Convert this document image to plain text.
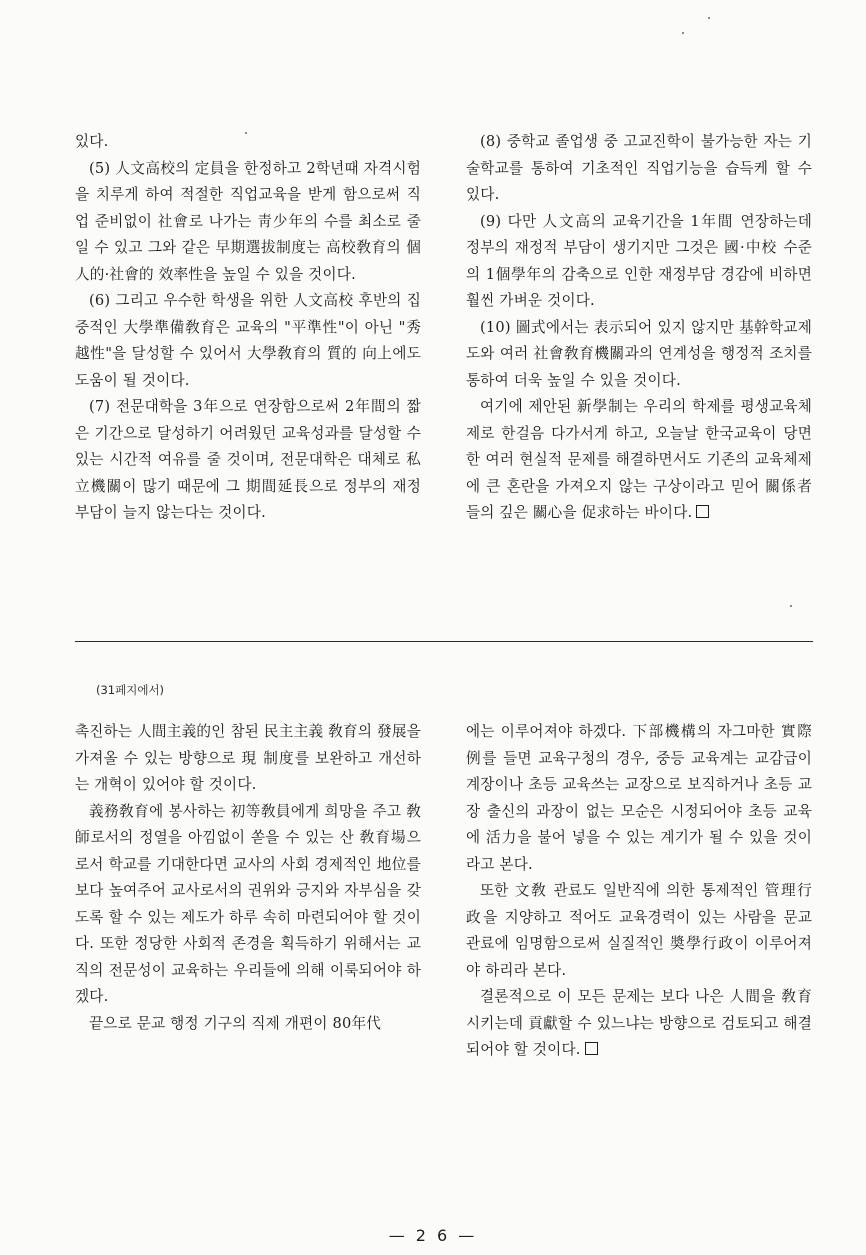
있다.

(5) 人文高校의 定員을 한정하고 2학년때 자격시험을 치루게 하여 적절한 직업교육을 받게 함으로써 직업 준비없이 社會로 나가는 靑少年의 수를 최소로 줄일 수 있고 그와 같은 早期選拔制度는 高校敎育의 個人的·社會的 效率性을 높일 수 있을 것이다.

(6) 그리고 우수한 학생을 위한 人文高校 후반의 집중적인 大學準備敎育은 교육의 "平準性"이 아닌 "秀越性"을 달성할 수 있어서 大學敎育의 質的 向上에도 도움이 될 것이다.

(7) 전문대학을 3年으로 연장함으로써 2年間의 짧은 기간으로 달성하기 어려웠던 교육성과를 달성할 수 있는 시간적 여유를 줄 것이며, 전문대학은 대체로 私立機關이 많기 때문에 그 期間延長으로 정부의 재정부담이 늘지 않는다는 것이다.

(8) 중학교 졸업생 중 고교진학이 불가능한 자는 기술학교를 통하여 기초적인 직업기능을 습득케 할 수 있다.

(9) 다만 人文高의 교육기간을 1年間 연장하는데 정부의 재정적 부담이 생기지만 그것은 國·中校 수준의 1個學年의 감축으로 인한 재정부담 경감에 비하면 훨씬 가벼운 것이다.

(10) 圖式에서는 表示되어 있지 않지만 基幹학교제도와 여러 社會敎育機關과의 연계성을 행정적 조치를 통하여 더욱 높일 수 있을 것이다.

여기에 제안된 新學制는 우리의 학제를 평생교육체제로 한걸음 다가서게 하고, 오늘날 한국교육이 당면한 여러 현실적 문제를 해결하면서도 기존의 교육체제에 큰 혼란을 가져오지 않는 구상이라고 믿어 關係者들의 깊은 關心을 促求하는 바이다.

(31페지에서)

촉진하는 人間主義的인 참된 民主主義 敎育의 發展을 가져올 수 있는 방향으로 現 制度를 보완하고 개선하는 개혁이 있어야 할 것이다.

義務敎育에 봉사하는 初等敎員에게 희망을 주고 敎師로서의 정열을 아낌없이 쏟을 수 있는 산 敎育場으로서 학교를 기대한다면 교사의 사회 경제적인 地位를 보다 높여주어 교사로서의 권위와 긍지와 자부심을 갖도록 할 수 있는 제도가 하루 속히 마련되어야 할 것이다. 또한 정당한 사회적 존경을 획득하기 위해서는 교직의 전문성이 교육하는 우리들에 의해 이룩되어야 하겠다.

끝으로 문교 행정 기구의 직제 개편이 80年代

에는 이루어져야 하겠다. 下部機構의 자그마한 實際 例를 들면 교육구청의 경우, 중등 교육계는 교감급이 계장이나 초등 교육쓰는 교장으로 보직하거나 초등 교장 출신의 과장이 없는 모순은 시정되어야 초등 교육에 活力을 불어 넣을 수 있는 계기가 될 수 있을 것이라고 본다.

또한 文敎 관료도 일반직에 의한 통제적인 管理行政을 지양하고 적어도 교육경력이 있는 사람을 문교 관료에 임명함으로써 실질적인 奬學行政이 이루어져야 하리라 본다.

결론적으로 이 모든 문제는 보다 나은 人間을 敎育시키는데 貢獻할 수 있느냐는 방향으로 검토되고 해결되어야 할 것이다.

— 2 6 —
